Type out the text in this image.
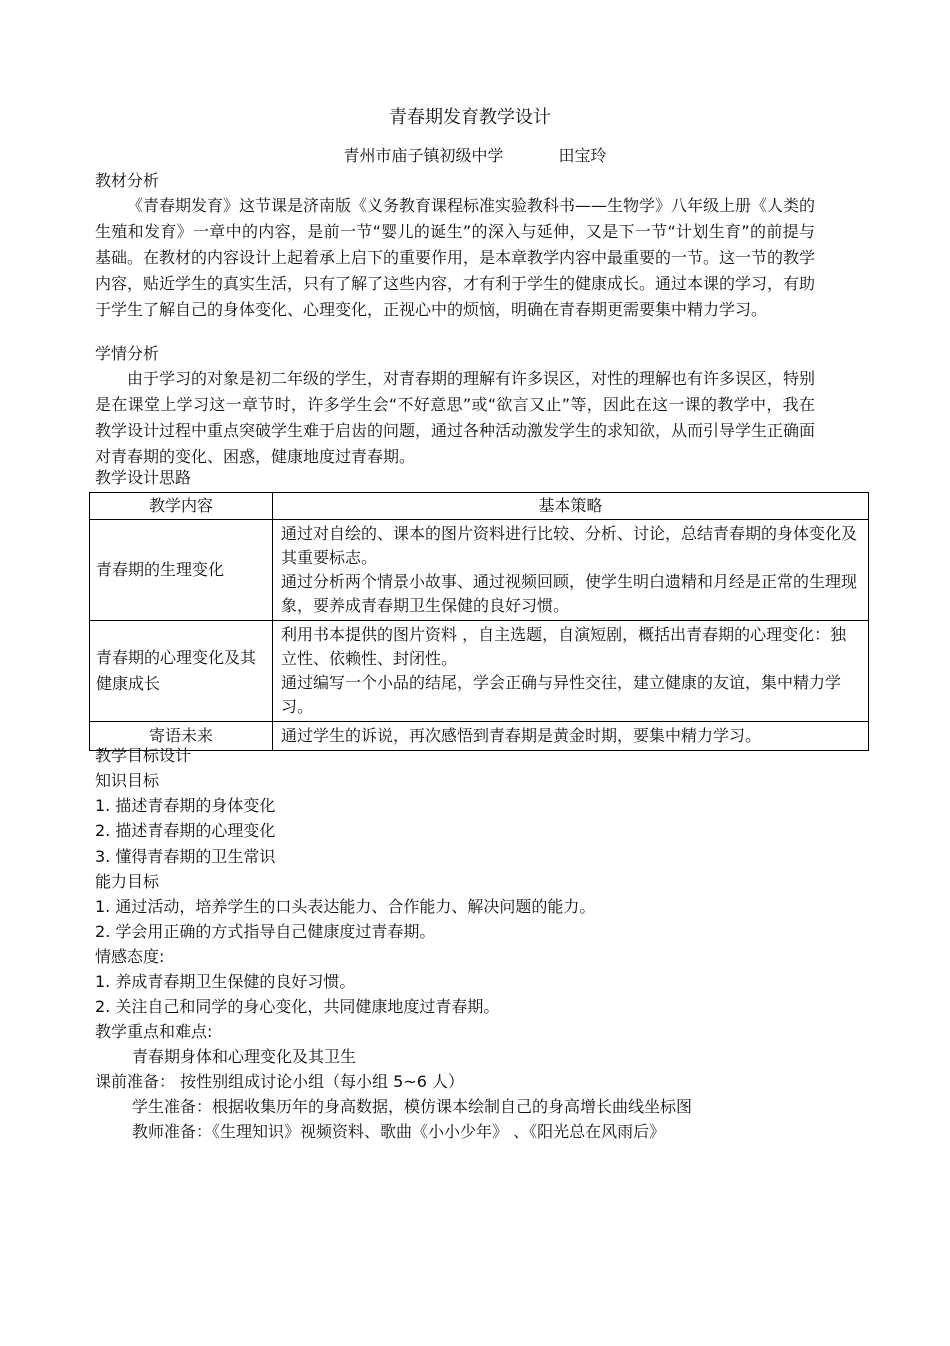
青春期发育教学设计
青州市庙子镇初级中学	田宝玲
教材分析
《青春期发育》这节课是济南版《义务教育课程标准实验教科书——生物学》八年级上册《人类的生殖和发育》一章中的内容，是前一节“婴儿的诞生”的深入与延伸，又是下一节“计划生育”的前提与基础。在教材的内容设计上起着承上启下的重要作用，是本章教学内容中最重要的一节。这一节的教学内容，贴近学生的真实生活，只有了解了这些内容，才有利于学生的健康成长。通过本课的学习，有助于学生了解自己的身体变化、心理变化，正视心中的烦恼，明确在青春期更需要集中精力学习。
学情分析
由于学习的对象是初二年级的学生，对青春期的理解有许多误区，对性的理解也有许多误区，特别是在课堂上学习这一章节时，许多学生会“不好意思”或“欲言又止”等，因此在这一课的教学中，我在教学设计过程中重点突破学生难于启齿的问题，通过各种活动激发学生的求知欲，从而引导学生正确面对青春期的变化、困惑，健康地度过青春期。
教学设计思路
教学内容	基本策略
青春期的生理变化	通过对自绘的、课本的图片资料进行比较、分析、讨论，总结青春期的身体变化及其重要标志。
通过分析两个情景小故事、通过视频回顾，使学生明白遗精和月经是正常的生理现象，要养成青春期卫生保健的良好习惯。

青春期的心理变化及其健康成长	利用书本提供的图片资料 ，自主选题，自演短剧，概括出青春期的心理变化：独立性、依赖性、封闭性。
通过编写一个小品的结尾，学会正确与异性交往，建立健康的友谊，集中精力学习。

寄语未来	通过学生的诉说，再次感悟到青春期是黄金时期，要集中精力学习。
教学目标设计
知识目标
1. 描述青春期的身体变化
2. 描述青春期的心理变化
3. 懂得青春期的卫生常识
能力目标
1. 通过活动，培养学生的口头表达能力、合作能力、解决问题的能力。
2. 学会用正确的方式指导自己健康度过青春期。
情感态度:
1. 养成青春期卫生保健的良好习惯。
2. 关注自己和同学的身心变化，共同健康地度过青春期。
教学重点和难点:
青春期身体和心理变化及其卫生
课前准备： 按性别组成讨论小组（每小组 5~6 人）
学生准备：根据收集历年的身高数据，模仿课本绘制自己的身高增长曲线坐标图
教师准备：《生理知识》视频资料、歌曲《小小少年》 、《阳光总在风雨后》
